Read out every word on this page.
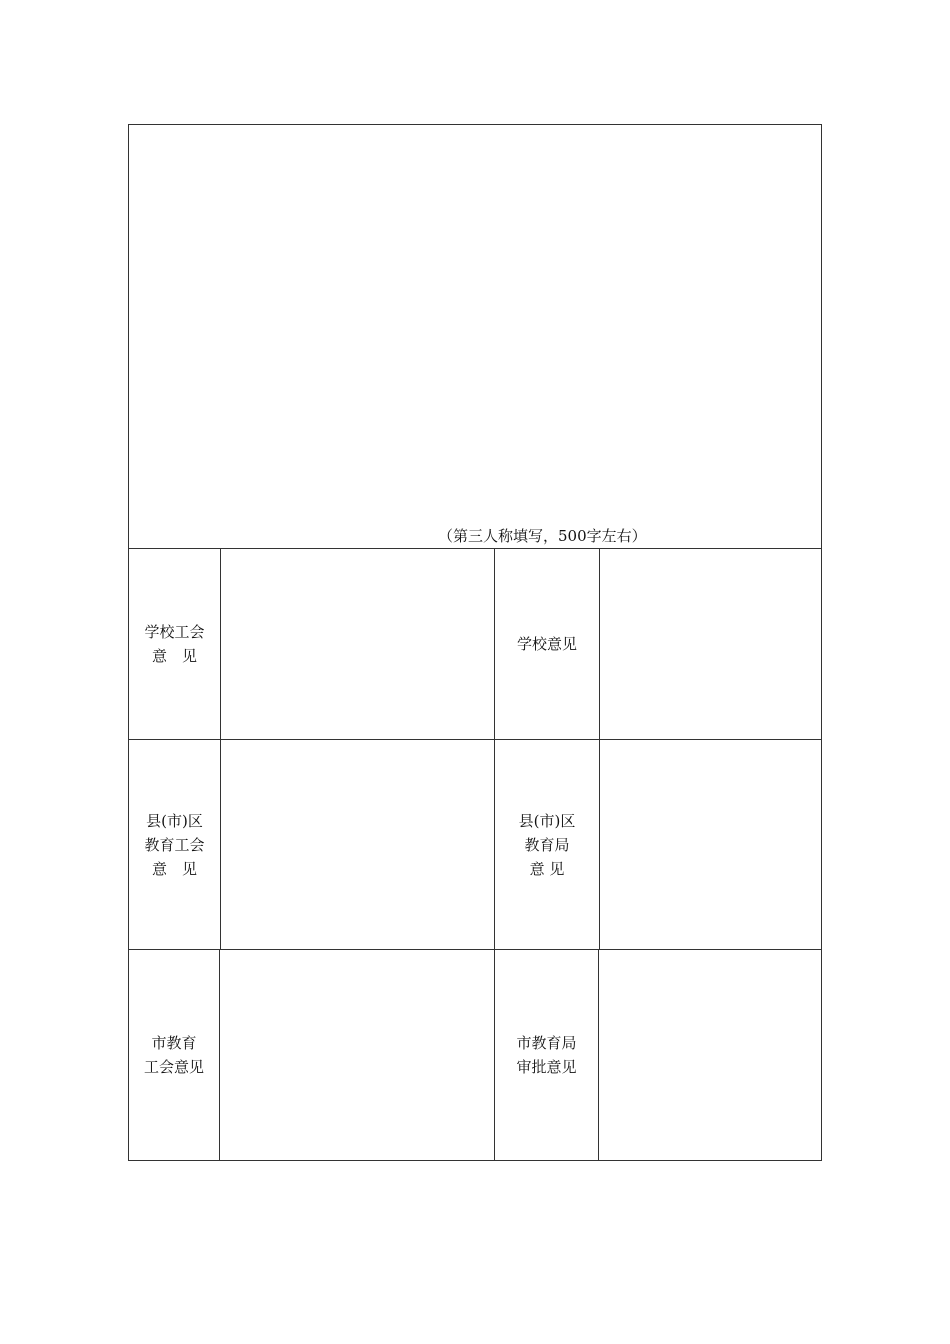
（第三人称填写，500字左右）
学校工会
意　见
学校意见
县(市)区
教育工会
意　见
县(市)区
教育局
意 见
市教育
工会意见
市教育局
审批意见
